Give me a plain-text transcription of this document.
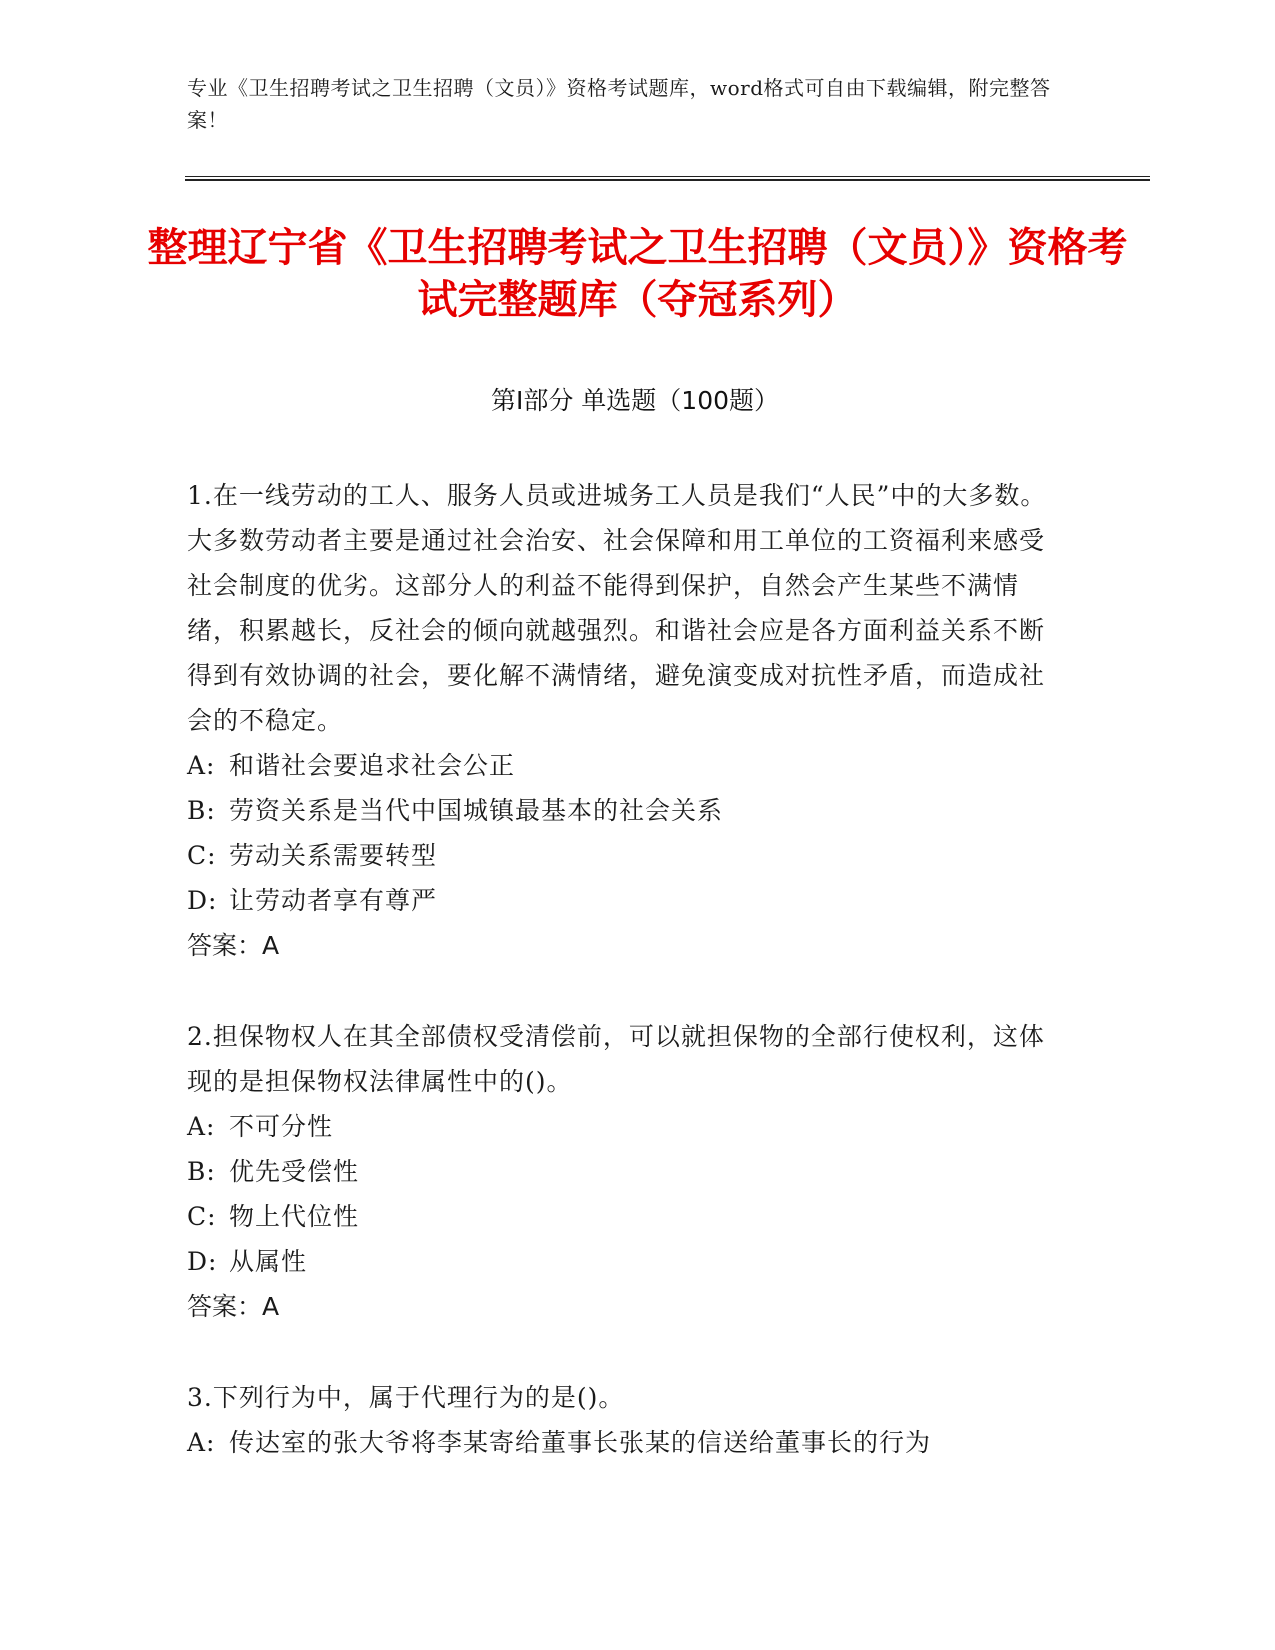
专业《卫生招聘考试之卫生招聘（文员）》资格考试题库，word格式可自由下载编辑，附完整答案！
整理辽宁省《卫生招聘考试之卫生招聘（文员）》资格考试完整题库（夺冠系列）
第Ⅰ部分 单选题（100题）

1.在一线劳动的工人、服务人员或进城务工人员是我们“人民”中的大多数。大多数劳动者主要是通过社会治安、社会保障和用工单位的工资福利来感受社会制度的优劣。这部分人的利益不能得到保护，自然会产生某些不满情绪，积累越长，反社会的倾向就越强烈。和谐社会应是各方面利益关系不断得到有效协调的社会，要化解不满情绪，避免演变成对抗性矛盾，而造成社会的不稳定。

A: 和谐社会要追求社会公正

B: 劳资关系是当代中国城镇最基本的社会关系

C: 劳动关系需要转型

D: 让劳动者享有尊严

答案：A

2.担保物权人在其全部债权受清偿前，可以就担保物的全部行使权利，这体现的是担保物权法律属性中的()。

A: 不可分性

B: 优先受偿性

C: 物上代位性

D: 从属性

答案：A

3.下列行为中，属于代理行为的是()。

A: 传达室的张大爷将李某寄给董事长张某的信送给董事长的行为
